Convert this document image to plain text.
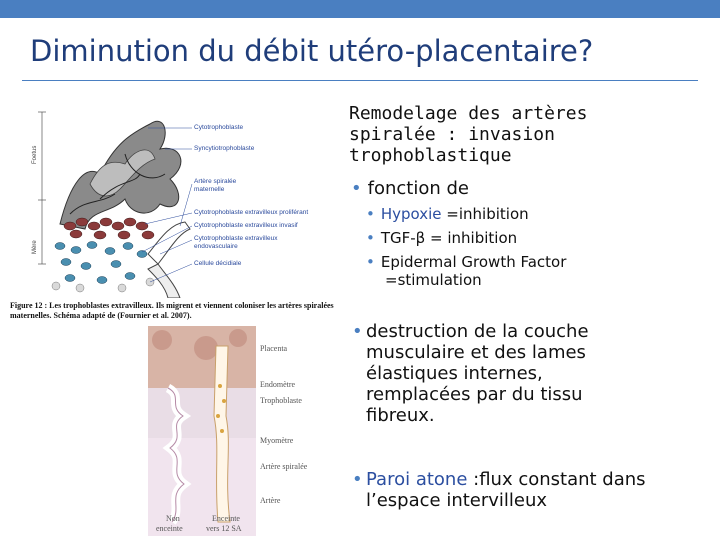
Diminution du débit utéro-placentaire?
Foetus
Mère
Cytotrophoblaste
Syncytiotrophoblaste
Artère spiralée
maternelle
Cytotrophoblaste extravilleux proliférant
Cytotrophoblaste extravilleux invasif
Cytotrophoblaste extravilleux
endovasculaire
Cellule décidiale
Figure 12 : Les trophoblastes extravilleux. Ils migrent et viennent coloniser les artères spiralées
maternelles. Schéma adapté de (Fournier et al. 2007).
Placenta
Endomètre
Trophoblaste
Myomètre
Artère spiralée
Artère
Non
enceinte
Enceinte
vers 12 SA
Remodelage des artères
spiralée : invasion
trophoblastique
• fonction de
• Hypoxie =inhibition
• TGF-β = inhibition
• Epidermal Growth Factor
=stimulation
• destruction de la couche
musculaire et des lames
élastiques internes,
remplacées par du tissu
fibreux.
• Paroi atone :flux constant dans
l’espace intervilleux
